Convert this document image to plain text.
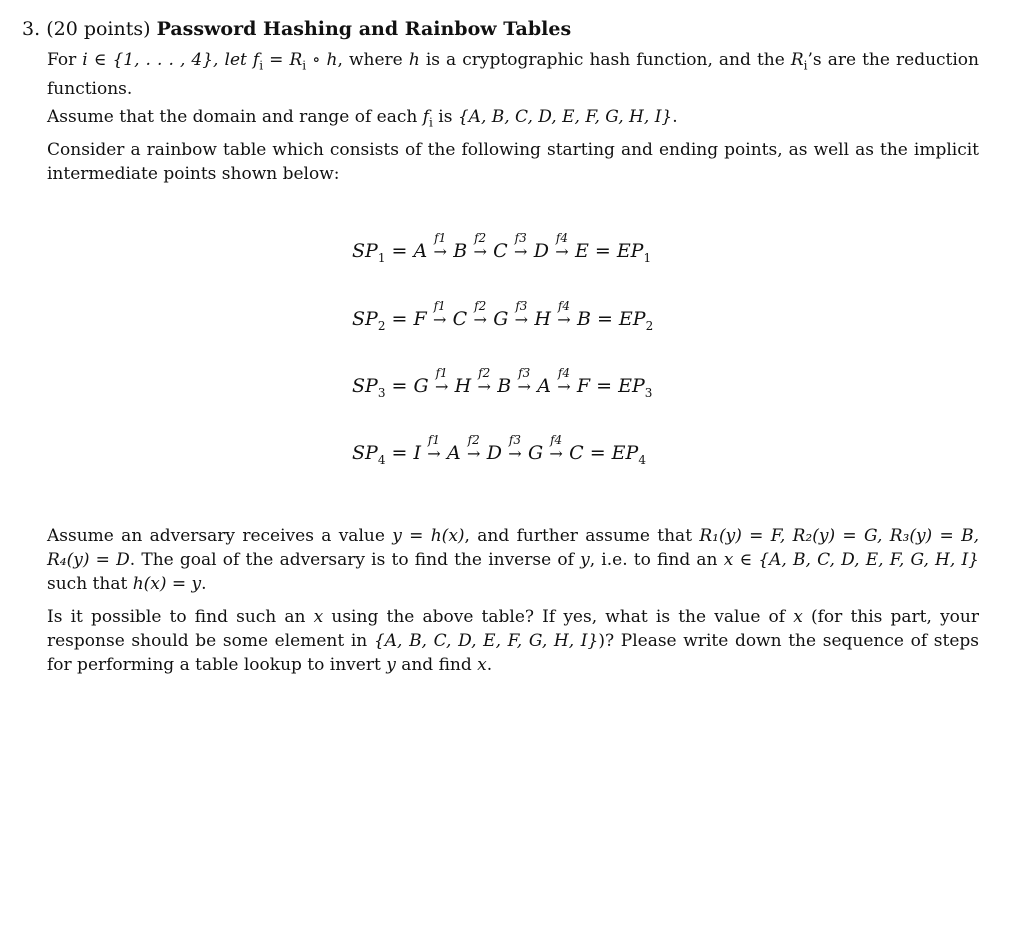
3. (20 points) Password Hashing and Rainbow Tables
For i ∈ {1, . . . , 4}, let $f_i = R_i$ ∘ h, where h is a cryptographic hash function, and the $R_i’s$ are the reduction functions.
Assume that the domain and range of each $f_i$ is {A, B, C, D, E, F, G, H, I}.
Consider a rainbow table which consists of the following starting and ending points, as well as the implicit intermediate points shown below:
$SP_1 = A$ →
f1
B →
f2
C →
f3
D →
f4
$E = EP_1$
$SP_2 = F$ →
f1
C →
f2
G →
f3
H →
f4
$B = EP_2$
$SP_3 = G$ →
f1
H →
f2
B →
f3
A →
f4
$F = EP_3$
$SP_4 = I$ →
f1
A →
f2
D →
f3
G →
f4
$C = EP_4$
Assume an adversary receives a value y = h(x), and further assume that R₁(y) = F, R₂(y) = G, R₃(y) = B, R₄(y) = D. The goal of the adversary is to find the inverse of y, i.e. to find an x ∈ {A, B, C, D, E, F, G, H, I} such that h(x) = y.
Is it possible to find such an x using the above table? If yes, what is the value of x (for this part, your response should be some element in {A, B, C, D, E, F, G, H, I})? Please write down the sequence of steps for performing a table lookup to invert y and find x.
